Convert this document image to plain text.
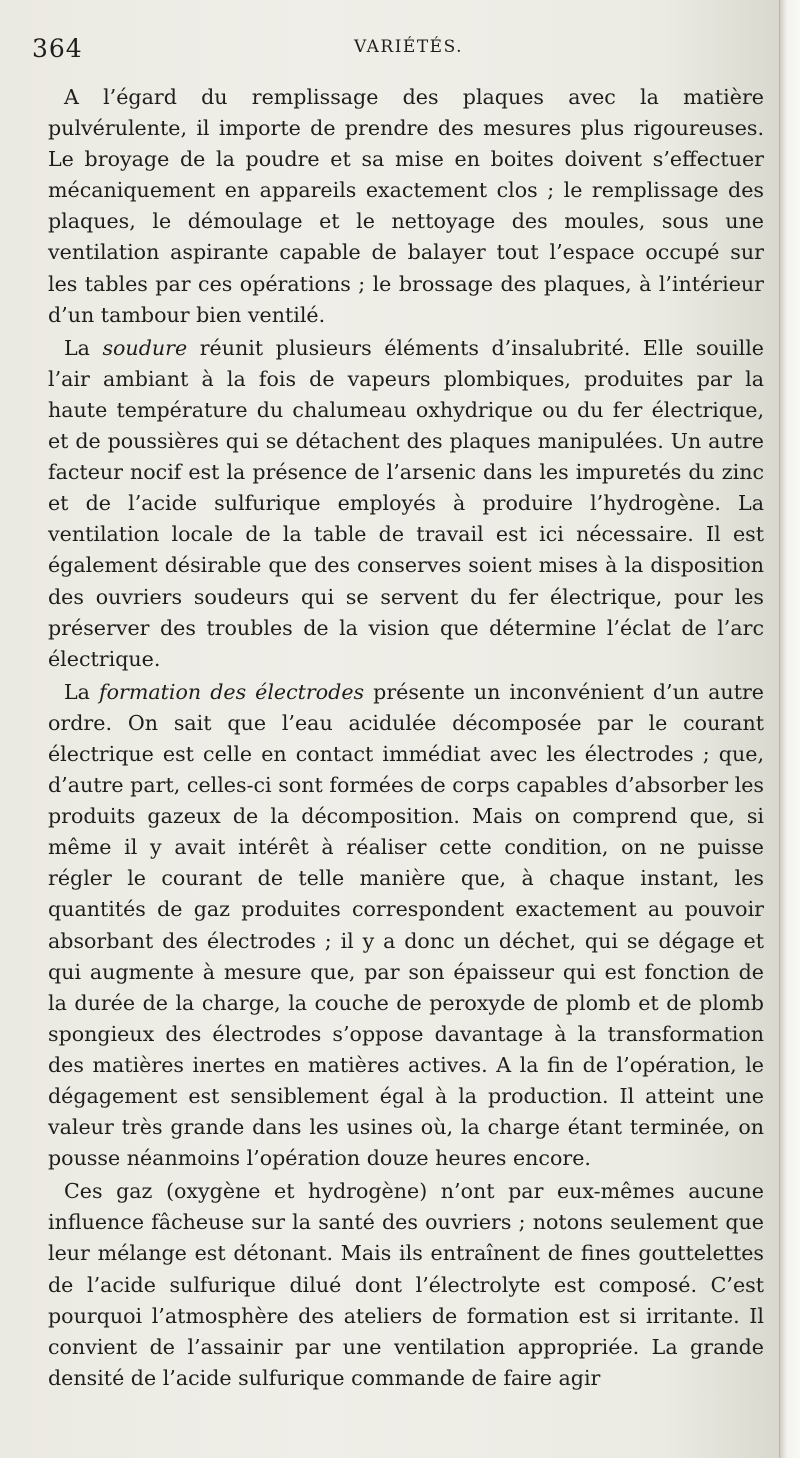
364	VARIÉTÉS.

A l’égard du remplissage des plaques avec la matière pulvérulente, il importe de prendre des mesures plus rigoureuses. Le broyage de la poudre et sa mise en boites doivent s’effectuer mécaniquement en appareils exactement clos ; le remplissage des plaques, le démoulage et le nettoyage des moules, sous une ventilation aspirante capable de balayer tout l’espace occupé sur les tables par ces opérations ; le brossage des plaques, à l’intérieur d’un tambour bien ventilé.

La soudure réunit plusieurs éléments d’insalubrité. Elle souille l’air ambiant à la fois de vapeurs plombiques, produites par la haute température du chalumeau oxhydrique ou du fer électrique, et de poussières qui se détachent des plaques manipulées. Un autre facteur nocif est la présence de l’arsenic dans les impuretés du zinc et de l’acide sulfurique employés à produire l’hydrogène. La ventilation locale de la table de travail est ici nécessaire. Il est également désirable que des conserves soient mises à la disposition des ouvriers soudeurs qui se servent du fer électrique, pour les préserver des troubles de la vision que détermine l’éclat de l’arc électrique.

La formation des électrodes présente un inconvénient d’un autre ordre. On sait que l’eau acidulée décomposée par le courant électrique est celle en contact immédiat avec les électrodes ; que, d’autre part, celles-ci sont formées de corps capables d’absorber les produits gazeux de la décomposition. Mais on comprend que, si même il y avait intérêt à réaliser cette condition, on ne puisse régler le courant de telle manière que, à chaque instant, les quantités de gaz produites correspondent exactement au pouvoir absorbant des électrodes ; il y a donc un déchet, qui se dégage et qui augmente à mesure que, par son épaisseur qui est fonction de la durée de la charge, la couche de peroxyde de plomb et de plomb spongieux des électrodes s’oppose davantage à la transformation des matières inertes en matières actives. A la fin de l’opération, le dégagement est sensiblement égal à la production. Il atteint une valeur très grande dans les usines où, la charge étant terminée, on pousse néanmoins l’opération douze heures encore.

Ces gaz (oxygène et hydrogène) n’ont par eux-mêmes aucune influence fâcheuse sur la santé des ouvriers ; notons seulement que leur mélange est détonant. Mais ils entraînent de fines gouttelettes de l’acide sulfurique dilué dont l’électrolyte est composé. C’est pourquoi l’atmosphère des ateliers de formation est si irritante. Il convient de l’assainir par une ventilation appropriée. La grande densité de l’acide sulfurique commande de faire agir
